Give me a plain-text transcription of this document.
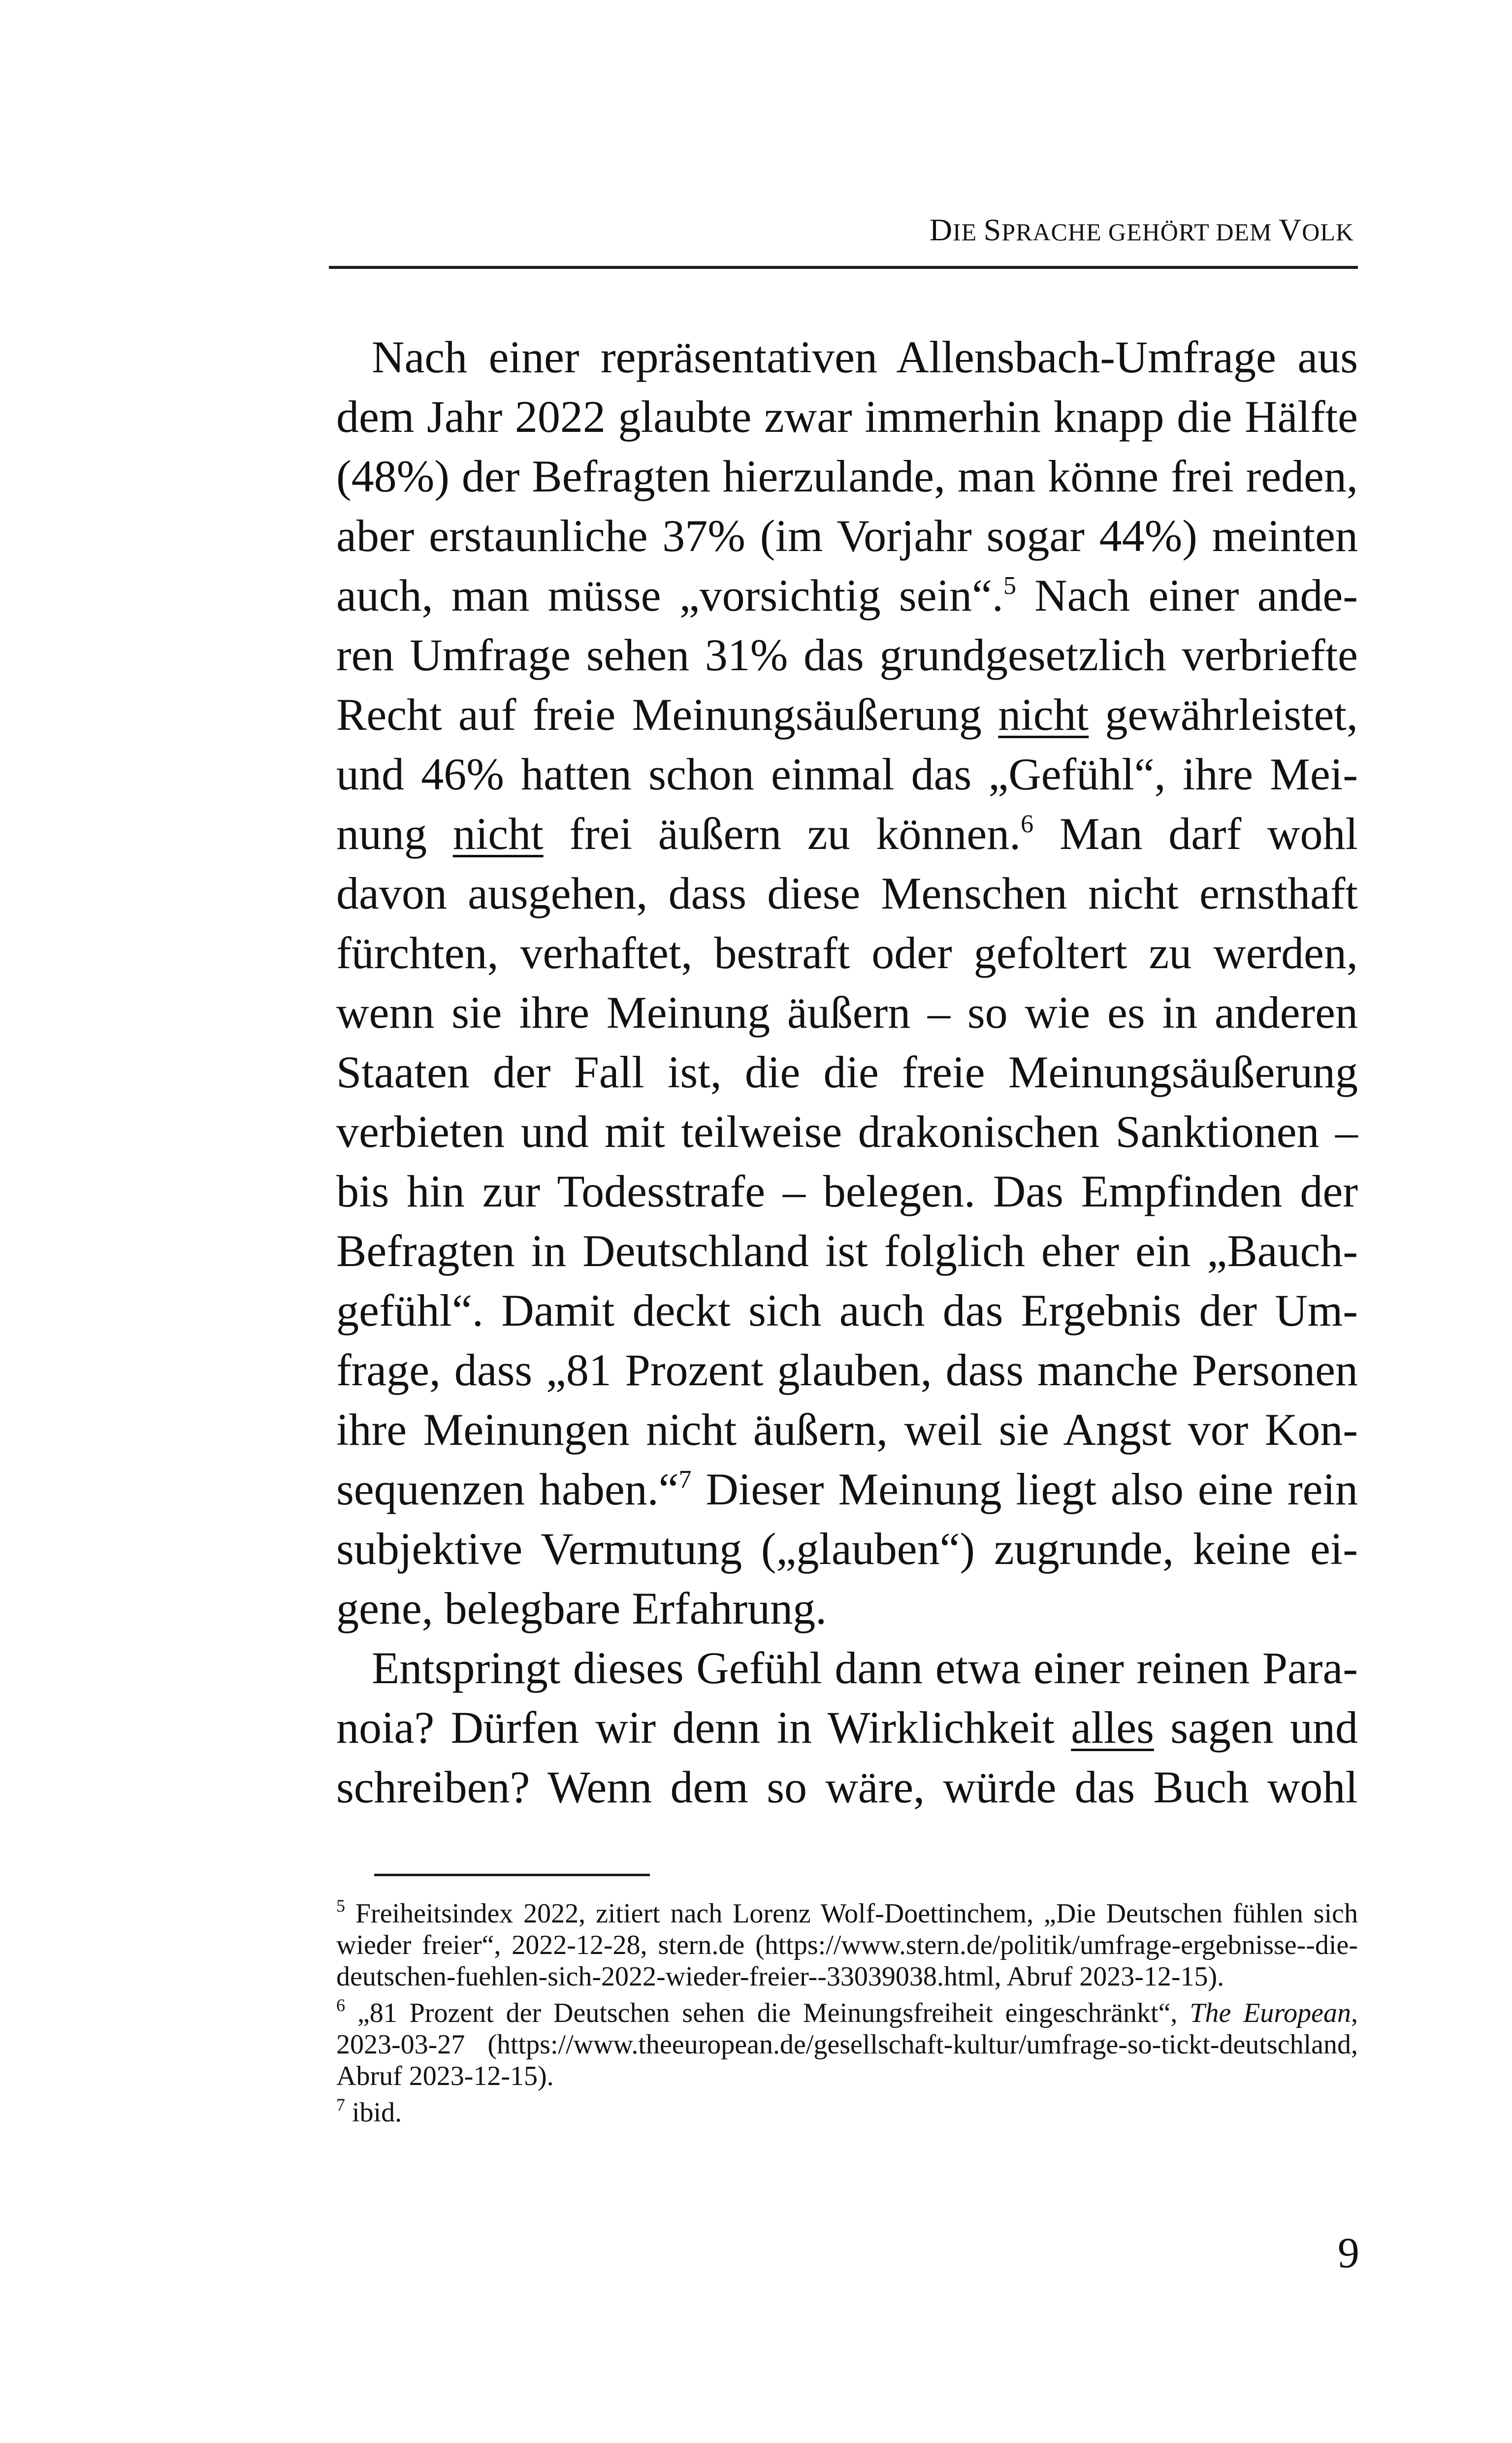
DIE SPRACHE GEHÖRT DEM VOLK
Nach einer repräsentativen Allensbach-Umfrage aus
dem Jahr 2022 glaubte zwar immerhin knapp die Hälfte
(48%) der Befragten hierzulande, man könne frei reden,
aber erstaunliche 37% (im Vorjahr sogar 44%) meinten
auch, man müsse „vorsichtig sein“.$^5$ Nach einer ande-
ren Umfrage sehen 31% das grundgesetzlich verbriefte
Recht auf freie Meinungsäußerung nicht gewährleistet,
und 46% hatten schon einmal das „Gefühl“, ihre Mei-
nung nicht frei äußern zu können.$^6$ Man darf wohl
davon ausgehen, dass diese Menschen nicht ernsthaft
fürchten, verhaftet, bestraft oder gefoltert zu werden,
wenn sie ihre Meinung äußern – so wie es in anderen
Staaten der Fall ist, die die freie Meinungsäußerung
verbieten und mit teilweise drakonischen Sanktionen –
bis hin zur Todesstrafe – belegen. Das Empfinden der
Befragten in Deutschland ist folglich eher ein „Bauch-
gefühl“. Damit deckt sich auch das Ergebnis der Um-
frage, dass „81 Prozent glauben, dass manche Personen
ihre Meinungen nicht äußern, weil sie Angst vor Kon-
sequenzen haben.“$^7$ Dieser Meinung liegt also eine rein
subjektive Vermutung („glauben“) zugrunde, keine ei-
gene, belegbare Erfahrung.
Entspringt dieses Gefühl dann etwa einer reinen Para-
noia? Dürfen wir denn in Wirklichkeit alles sagen und
schreiben? Wenn dem so wäre, würde das Buch wohl
$^5$ Freiheitsindex 2022, zitiert nach Lorenz Wolf-Doettinchem, „Die Deutschen fühlen sich
wieder freier“, 2022-12-28, stern.de (https://www.stern.de/politik/umfrage-ergebnisse--die-
deutschen-fuehlen-sich-2022-wieder-freier--33039038.html, Abruf 2023-12-15).
$^6$ „81 Prozent der Deutschen sehen die Meinungsfreiheit eingeschränkt“, The European,
2023-03-27 (https://www.theeuropean.de/gesellschaft-kultur/umfrage-so-tickt-deutschland,
Abruf 2023-12-15).
$^7$ ibid.
9
